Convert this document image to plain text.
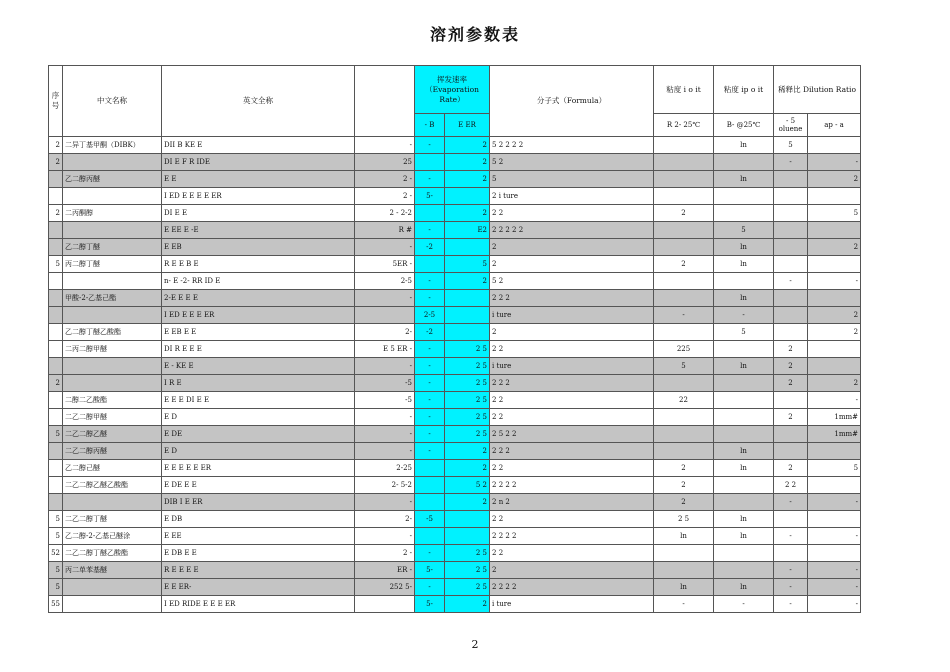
溶剂参数表
序号	中文名称	英文全称		挥发速率（Evaporation Rate）		分子式（Formula）	粘度 i o it	粘度 ip o it	稀释比 Dilution Ratio	
				- B	E ER		R 2- 25℃	B- @25℃	- 5 oluene	ap - a
2	二异丁基甲酮（DIBK）	DII B KE E	-	-	2	5 2 2 2 2		ln	5	
2		DI E F R IDE	25		2	5 2			-	-
	乙二醇丙醚	E E	2 -	-	2	5		ln		2
		I ED E E E E ER	2 -	5-		2 i ture				
2	二丙酮醇	DI E E	2 - 2-2		2	2 2	2			5
		E EE E -E	R #	-	E2	2 2 2 2 2		5		
	乙二醇丁醚	E EB	-	-2		2		ln		2
5	丙二醇丁醚	R E E B E	5ER -		5	2	2	ln		
		n- E -2- RR ID E	2-5	-	2	5 2			-	-
	甲酸-2-乙基己酯	2-E E E E	-	-		2 2 2		ln		
		I ED E E E ER		2-5		i ture	-	-		2
	乙二醇丁醚乙酸酯	E EB E E	2-	-2		2		5		2
	二丙二醇甲醚	DI R E E E	E 5 ER -	-	2 5	2 2	225		2	
		E - KE E	-	-	2 5	i ture	5	ln	2	
2		I R E	-5	-	2 5	2 2 2			2	2
	二醇二乙酸酯	E E E DI E E	-5	-	2 5	2 2	22			-
	二乙二醇甲醚	E D	-	-	2 5	2 2			2	1mm#
5	二乙二醇乙醚	E DE	-	-	2 5	2 5 2 2				1mm#
	二乙二醇丙醚	E D	-	-	2	2 2 2		ln		
	乙二醇己醚	E E E E E ER	2-25		2	2 2	2	ln	2	5
	二乙二醇乙醚乙酸酯	E DE E E	2- 5-2		5 2	2 2 2 2	2		2 2	
		DIB I E ER	-		2	2 n 2	2		-	-
5	二乙二醇丁醚	E DB	2-	-5		2 2	2 5	ln		
5	乙二醇-2-乙基己醚涂	E EE	-			2 2 2 2	ln	ln	-	-
52	二乙二醇丁醚乙酸酯	E DB E E	2 -	-	2 5	2 2				
5	丙二单苯基醚	R E E E E	ER -	5-	2 5	2			-	-
5		E E ER-	252 5-	-	2 5	2 2 2 2	ln	ln	-	-
55		I ED RIDE E E E ER		5-	2	i ture	-	-	-	-
2
